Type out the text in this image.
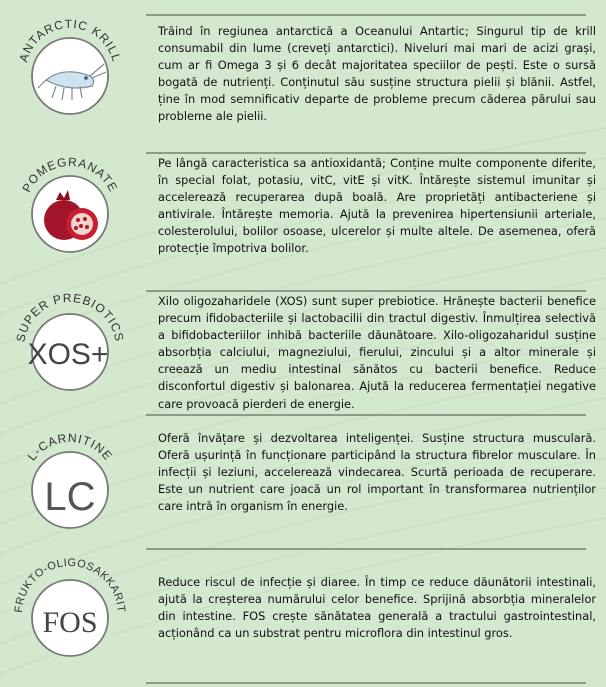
ANTARCTIC KRILL

Trăind în regiunea antarctică a Oceanului Antartic; Singurul tip de krill consumabil din lume (creveți antarctici). Niveluri mai mari de acizi grași, cum ar fi Omega 3 și 6 decât majoritatea speciilor de pești. Este o sursă bogată de nutrienți. Conținutul său susține structura pielii și blănii. Astfel, ține în mod semnificativ departe de probleme precum căderea părului sau probleme ale pielii.

POMEGRANATE

Pe lângă caracteristica sa antioxidantă; Conține multe componente diferite, în special folat, potasiu, vitC, vitE și vitK. Întărește sistemul imunitar și accelerează recuperarea după boală. Are proprietăți antibacteriene și antivirale. Întărește memoria. Ajută la prevenirea hipertensiunii arteriale, colesterolului, bolilor osoase, ulcerelor și multe altele. De asemenea, oferă protecție împotriva bolilor.

SUPER PREBIOTICS
XOS+

Xilo oligozaharidele (XOS) sunt super prebiotice. Hrănește bacterii benefice precum ifidobacteriile și lactobacilii din tractul digestiv. Înmulțirea selectivă a bifidobacteriilor inhibă bacteriile dăunătoare. Xilo-oligozaharidul susține absorbția calciului, magneziului, fierului, zincului și a altor minerale și creează un mediu intestinal sănătos cu bacterii benefice. Reduce disconfortul digestiv și balonarea. Ajută la reducerea fermentației negative care provoacă pierderi de energie.

L-CARNITINE
LC

Oferă învățare și dezvoltarea inteligenței. Susține structura musculară. Oferă ușurință în funcționare participând la structura fibrelor musculare. În infecții și leziuni, accelerează vindecarea. Scurtă perioada de recuperare. Este un nutrient care joacă un rol important în transformarea nutrienților care intră în organism în energie.

FRUKTO-OLIGOSAKKARIT
FOS

Reduce riscul de infecție și diaree. În timp ce reduce dăunătorii intestinali, ajută la creșterea numărului celor benefice. Sprijină absorbția mineralelor din intestine. FOS crește sănătatea generală a tractului gastrointestinal, acționând ca un substrat pentru microflora din intestinul gros.
